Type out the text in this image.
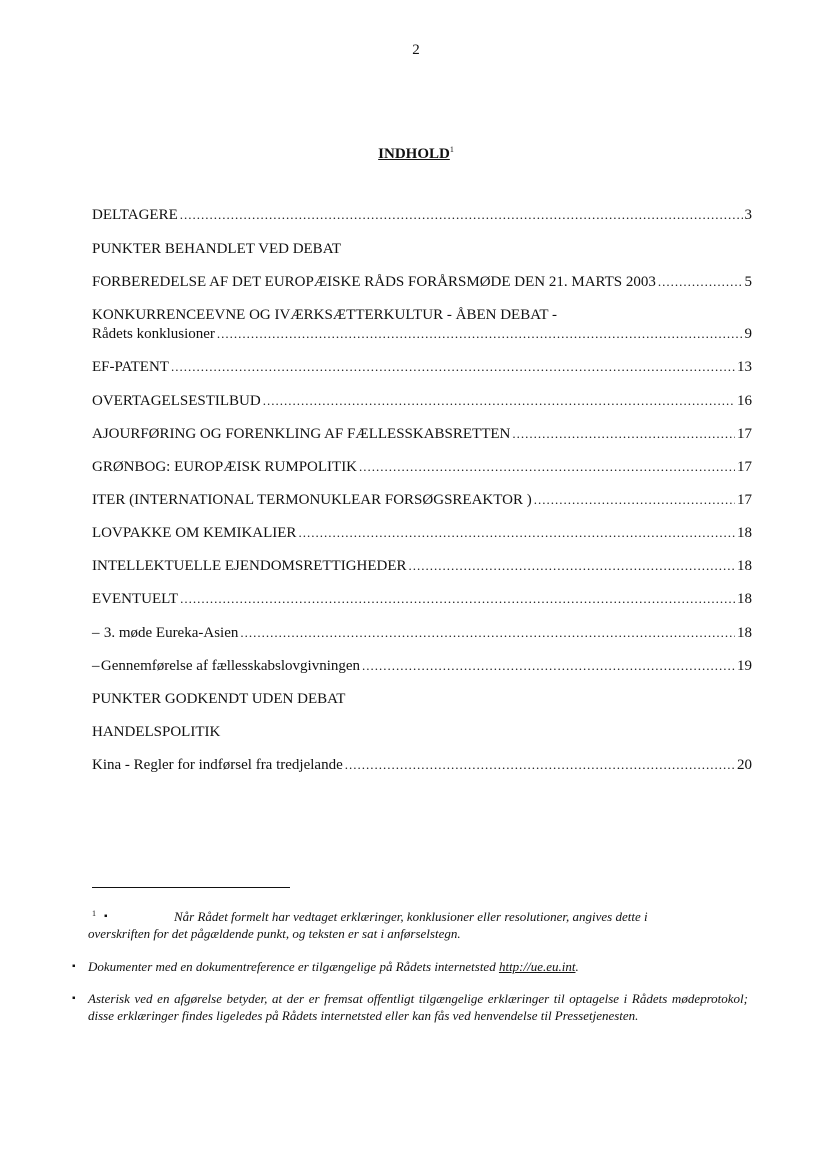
2
INDHOLD$^1$
DELTAGERE .....	3
PUNKTER BEHANDLET VED DEBAT
FORBEREDELSE AF DET EUROPÆISKE RÅDS FORÅRSMØDE DEN 21. MARTS 2003 .....	5
KONKURRENCEEVNE OG IVÆRKSÆTTERKULTUR - ÅBEN DEBAT -
Rådets konklusioner .....	9
EF-PATENT .....	13
OVERTAGELSESTILBUD .....	16
AJOURFØRING OG FORENKLING AF FÆLLESSKABSRETTEN .....	17
GRØNBOG: EUROPÆISK RUMPOLITIK .....	17
ITER (INTERNATIONAL TERMONUKLEAR FORSØGSREAKTOR ) .....	17
LOVPAKKE OM KEMIKALIER .....	18
INTELLEKTUELLE EJENDOMSRETTIGHEDER .....	18
EVENTUELT .....	18
– 3. møde Eureka-Asien .....	18
– Gennemførelse af fællesskabslovgivningen .....	19
PUNKTER GODKENDT UDEN DEBAT
HANDELSPOLITIK
Kina - Regler for indførsel fra tredjelande .....	20
1 ▪	Når Rådet formelt har vedtaget erklæringer, konklusioner eller resolutioner, angives dette i
overskriften for det pågældende punkt, og teksten er sat i anførselstegn.
▪ Dokumenter med en dokumentreference er tilgængelige på Rådets internetsted http://ue.eu.int.
▪ Asterisk ved en afgørelse betyder, at der er fremsat offentligt tilgængelige erklæringer til optagelse i Rådets mødeprotokol; disse erklæringer findes ligeledes på Rådets internetsted eller kan fås ved henvendelse til Pressetjenesten.
